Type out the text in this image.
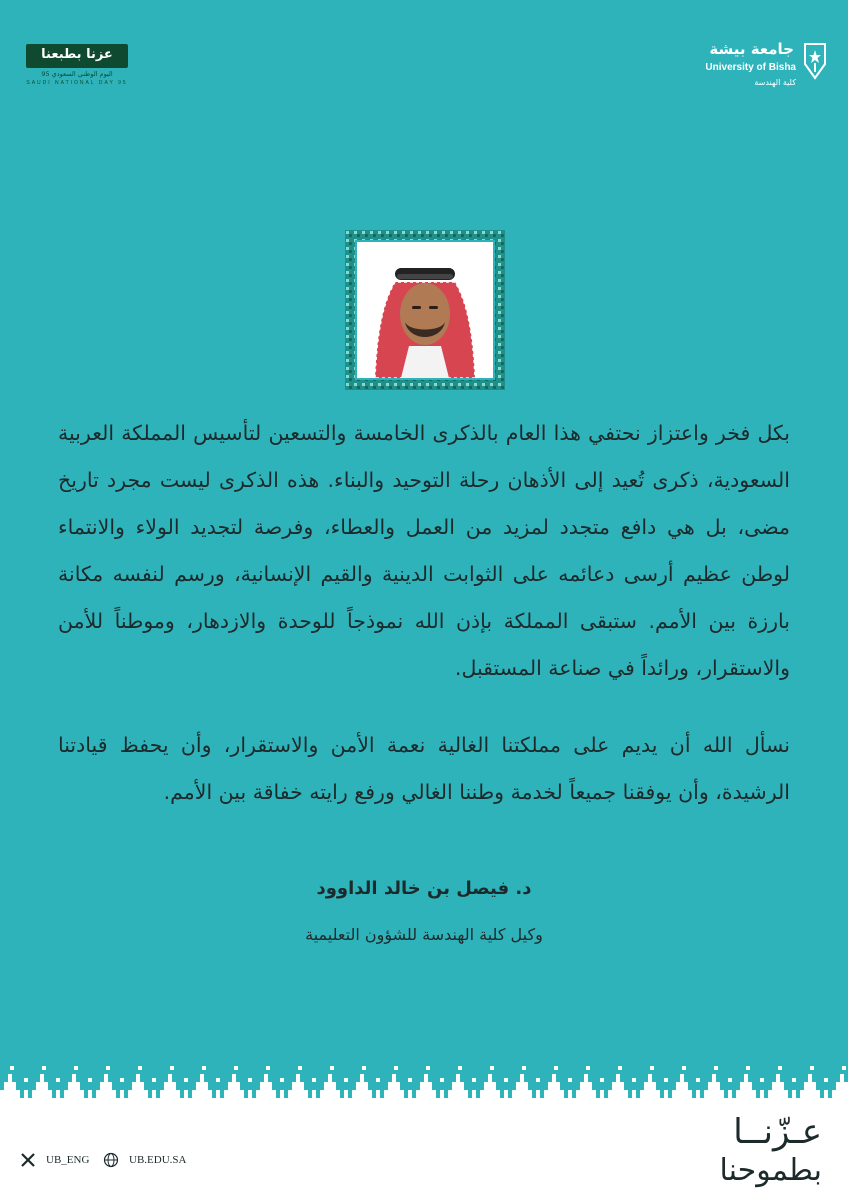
جامعة بيشة
University of Bisha
كلية الهندسة
عزنا بطبعنا
اليوم الوطني السعودي 95
SAUDI NATIONAL DAY 95
بكل فخر واعتزاز نحتفي هذا العام بالذكرى الخامسة والتسعين لتأسيس المملكة العربية السعودية، ذكرى تُعيد إلى الأذهان رحلة التوحيد والبناء. هذه الذكرى ليست مجرد تاريخ مضى، بل هي دافع متجدد لمزيد من العمل والعطاء، وفرصة لتجديد الولاء والانتماء لوطن عظيم أرسى دعائمه على الثوابت الدينية والقيم الإنسانية، ورسم لنفسه مكانة بارزة بين الأمم. ستبقى المملكة بإذن الله نموذجاً للوحدة والازدهار، وموطناً للأمن والاستقرار، ورائداً في صناعة المستقبل.
نسأل الله أن يديم على مملكتنا الغالية نعمة الأمن والاستقرار، وأن يحفظ قيادتنا الرشيدة، وأن يوفقنا جميعاً لخدمة وطننا الغالي ورفع رايته خفاقة بين الأمم.
د. فيصل بن خالد الداوود
وكيل كلية الهندسة للشؤون التعليمية
UB_ENG	UB.EDU.SA
عـزّنــا
بطموحنا
